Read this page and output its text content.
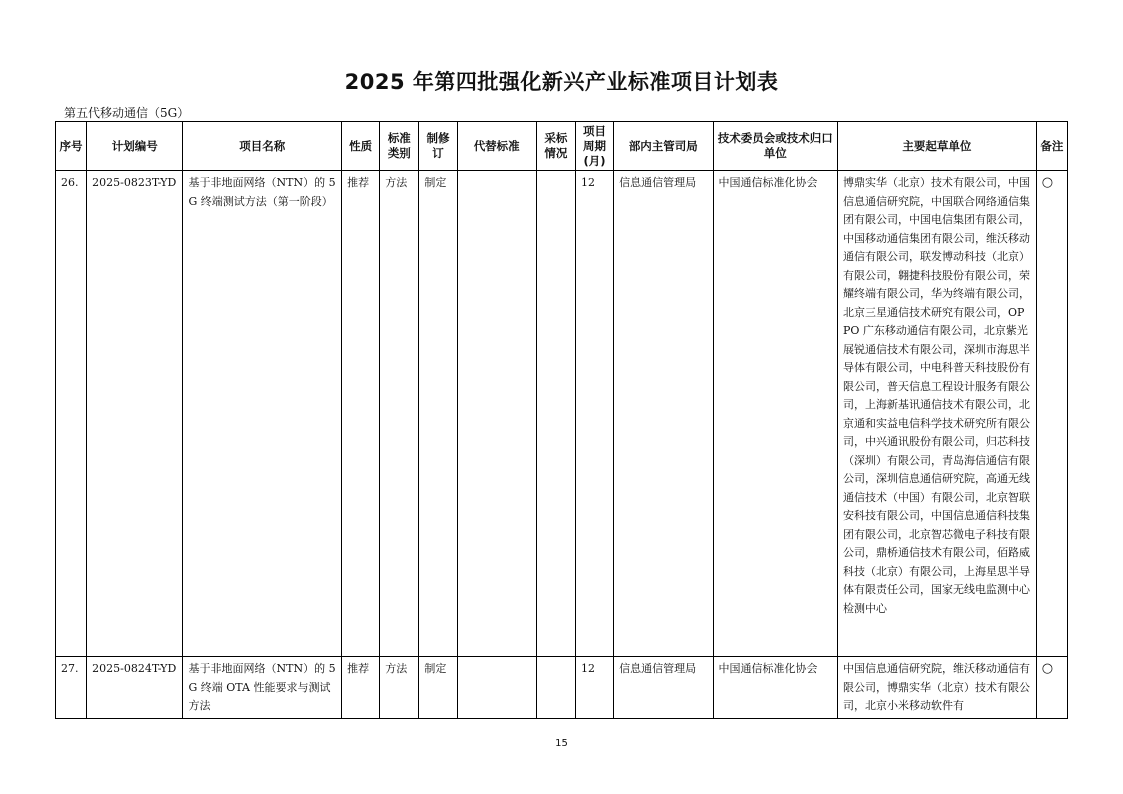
2025 年第四批强化新兴产业标准项目计划表
第五代移动通信（5G）
序号	计划编号	项目名称	性质	标准类别	制修订	代替标准	采标情况	项目周期(月)	部内主管司局	技术委员会或技术归口单位	主要起草单位	备注
26.	2025-0823T-YD	基于非地面网络（NTN）的 5G 终端测试方法（第一阶段）	推荐	方法	制定			12	信息通信管理局	中国通信标准化协会	博鼎实华（北京）技术有限公司，中国信息通信研究院，中国联合网络通信集团有限公司，中国电信集团有限公司，中国移动通信集团有限公司，维沃移动通信有限公司，联发博动科技（北京）有限公司，翱捷科技股份有限公司，荣耀终端有限公司，华为终端有限公司，北京三星通信技术研究有限公司，OPPO 广东移动通信有限公司，北京紫光展锐通信技术有限公司，深圳市海思半导体有限公司，中电科普天科技股份有限公司，普天信息工程设计服务有限公司，上海新基讯通信技术有限公司，北京通和实益电信科学技术研究所有限公司，中兴通讯股份有限公司，归芯科技（深圳）有限公司，青岛海信通信有限公司，深圳信息通信研究院，高通无线通信技术（中国）有限公司，北京智联安科技有限公司，中国信息通信科技集团有限公司，北京智芯微电子科技有限公司，鼎桥通信技术有限公司，佰路威科技（北京）有限公司，上海星思半导体有限责任公司，国家无线电监测中心检测中心	○
27.	2025-0824T-YD	基于非地面网络（NTN）的 5G 终端 OTA 性能要求与测试方法	推荐	方法	制定			12	信息通信管理局	中国通信标准化协会	中国信息通信研究院，维沃移动通信有限公司，博鼎实华（北京）技术有限公司，北京小米移动软件有	○
15
